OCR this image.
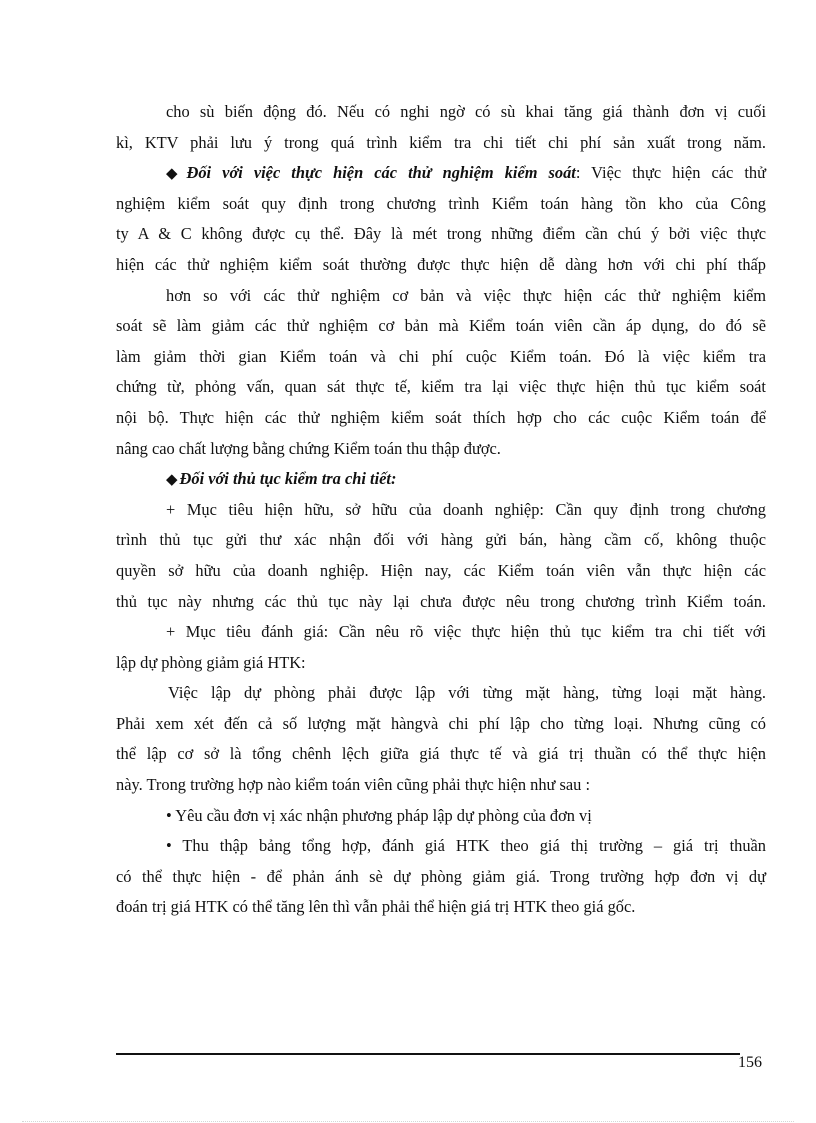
cho sù biến động đó. Nếu có nghi ngờ có sù khai tăng giá thành đơn vị cuối
kì, KTV phải lưu ý trong quá trình kiểm tra chi tiết chi phí sản xuất trong năm.
◆ Đối với việc thực hiện các thử nghiệm kiểm soát: Việc thực hiện các thử
nghiệm kiểm soát quy định trong chương trình Kiểm toán hàng tồn kho của Công
ty A & C không được cụ thể. Đây là mét trong những điểm cần chú ý bởi việc thực
hiện các thử nghiệm kiểm soát thường được thực hiện dễ dàng hơn với chi phí thấp
hơn so với các thử nghiệm cơ bản và việc thực hiện các thử nghiệm kiểm
soát sẽ làm giảm các thử nghiệm cơ bản mà Kiểm toán viên cần áp dụng, do đó sẽ
làm giảm thời gian Kiểm toán và chi phí cuộc Kiểm toán. Đó là việc kiểm tra
chứng từ, phỏng vấn, quan sát thực tế, kiểm tra lại việc thực hiện thủ tục kiểm soát
nội bộ. Thực hiện các thử nghiệm kiểm soát thích hợp cho các cuộc Kiểm toán để
nâng cao chất lượng bằng chứng Kiểm toán thu thập được.
◆ Đối với thủ tục kiểm tra chi tiết:
+ Mục tiêu hiện hữu, sở hữu của doanh nghiệp: Cần quy định trong chương
trình thủ tục gửi thư xác nhận đối với hàng gửi bán, hàng cầm cố, không thuộc
quyền sở hữu của doanh nghiệp. Hiện nay, các Kiểm toán viên vẫn thực hiện các
thủ tục này nhưng các thủ tục này lại chưa được nêu trong chương trình Kiểm toán.
+ Mục tiêu đánh giá: Cần nêu rõ việc thực hiện thủ tục kiểm tra chi tiết với
lập dự phòng giảm giá HTK:
Việc lập dự phòng phải được lập với từng mặt hàng, từng loại mặt hàng.
Phải xem xét đến cả số lượng mặt hàngvà chi phí lập cho từng loại. Nhưng cũng có
thể lập cơ sở là tổng chênh lệch giữa giá thực tế và giá trị thuần có thể thực hiện
này. Trong trường hợp nào kiểm toán viên cũng phải thực hiện như sau :
• Yêu cầu đơn vị xác nhận phương pháp lập dự phòng của đơn vị
• Thu thập bảng tổng hợp, đánh giá HTK theo giá thị trường – giá trị thuần
có thể thực hiện - để phản ánh sè dự phòng giảm giá. Trong trường hợp đơn vị dự
đoán trị giá HTK có thể tăng lên thì vẫn phải thể hiện giá trị HTK theo giá gốc.
156
